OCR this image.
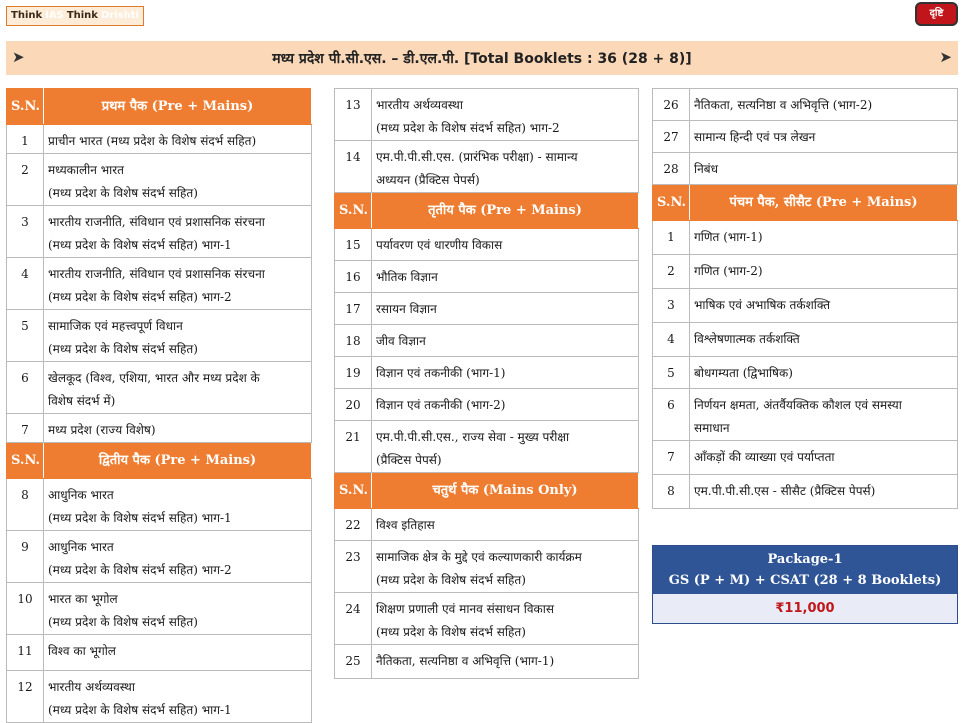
Think IAS Think Drishti	दृष्टि
➤	मध्य प्रदेश पी.सी.एस. – डी.एल.पी. [Total Booklets : 36 (28 + 8)]	➤
S.N.	प्रथम पैक (Pre + Mains)
1	प्राचीन भारत (मध्य प्रदेश के विशेष संदर्भ सहित)
2	मध्यकालीन भारत
(मध्य प्रदेश के विशेष संदर्भ सहित)
3	भारतीय राजनीति, संविधान एवं प्रशासनिक संरचना
(मध्य प्रदेश के विशेष संदर्भ सहित) भाग-1
4	भारतीय राजनीति, संविधान एवं प्रशासनिक संरचना
(मध्य प्रदेश के विशेष संदर्भ सहित) भाग-2
5	सामाजिक एवं महत्त्वपूर्ण विधान
(मध्य प्रदेश के विशेष संदर्भ सहित)
6	खेलकूद (विश्व, एशिया, भारत और मध्य प्रदेश के
विशेष संदर्भ में)
7	मध्य प्रदेश (राज्य विशेष)
S.N.	द्वितीय पैक (Pre + Mains)
8	आधुनिक भारत
(मध्य प्रदेश के विशेष संदर्भ सहित) भाग-1
9	आधुनिक भारत
(मध्य प्रदेश के विशेष संदर्भ सहित) भाग-2
10	भारत का भूगोल
(मध्य प्रदेश के विशेष संदर्भ सहित)
11	विश्व का भूगोल
12	भारतीय अर्थव्यवस्था
(मध्य प्रदेश के विशेष संदर्भ सहित) भाग-1
13	भारतीय अर्थव्यवस्था
(मध्य प्रदेश के विशेष संदर्भ सहित) भाग-2
14	एम.पी.पी.सी.एस. (प्रारंभिक परीक्षा) - सामान्य
अध्ययन (प्रैक्टिस पेपर्स)
S.N.	तृतीय पैक (Pre + Mains)
15	पर्यावरण एवं धारणीय विकास
16	भौतिक विज्ञान
17	रसायन विज्ञान
18	जीव विज्ञान
19	विज्ञान एवं तकनीकी (भाग-1)
20	विज्ञान एवं तकनीकी (भाग-2)
21	एम.पी.पी.सी.एस., राज्य सेवा - मुख्य परीक्षा
(प्रैक्टिस पेपर्स)
S.N.	चतुर्थ पैक (Mains Only)
22	विश्व इतिहास
23	सामाजिक क्षेत्र के मुद्दे एवं कल्याणकारी कार्यक्रम
(मध्य प्रदेश के विशेष संदर्भ सहित)
24	शिक्षण प्रणाली एवं मानव संसाधन विकास
(मध्य प्रदेश के विशेष संदर्भ सहित)
25	नैतिकता, सत्यनिष्ठा व अभिवृत्ति (भाग-1)
26	नैतिकता, सत्यनिष्ठा व अभिवृत्ति (भाग-2)
27	सामान्य हिन्दी एवं पत्र लेखन
28	निबंध
S.N.	पंचम पैक, सीसैट (Pre + Mains)
1	गणित (भाग-1)
2	गणित (भाग-2)
3	भाषिक एवं अभाषिक तर्कशक्ति
4	विश्लेषणात्मक तर्कशक्ति
5	बोधगम्यता (द्विभाषिक)
6	निर्णयन क्षमता, अंतर्वैयक्तिक कौशल एवं समस्या
समाधान
7	आँकड़ों की व्याख्या एवं पर्याप्तता
8	एम.पी.पी.सी.एस - सीसैट (प्रैक्टिस पेपर्स)
Package-1
GS (P + M) + CSAT (28 + 8 Booklets)
₹11,000
